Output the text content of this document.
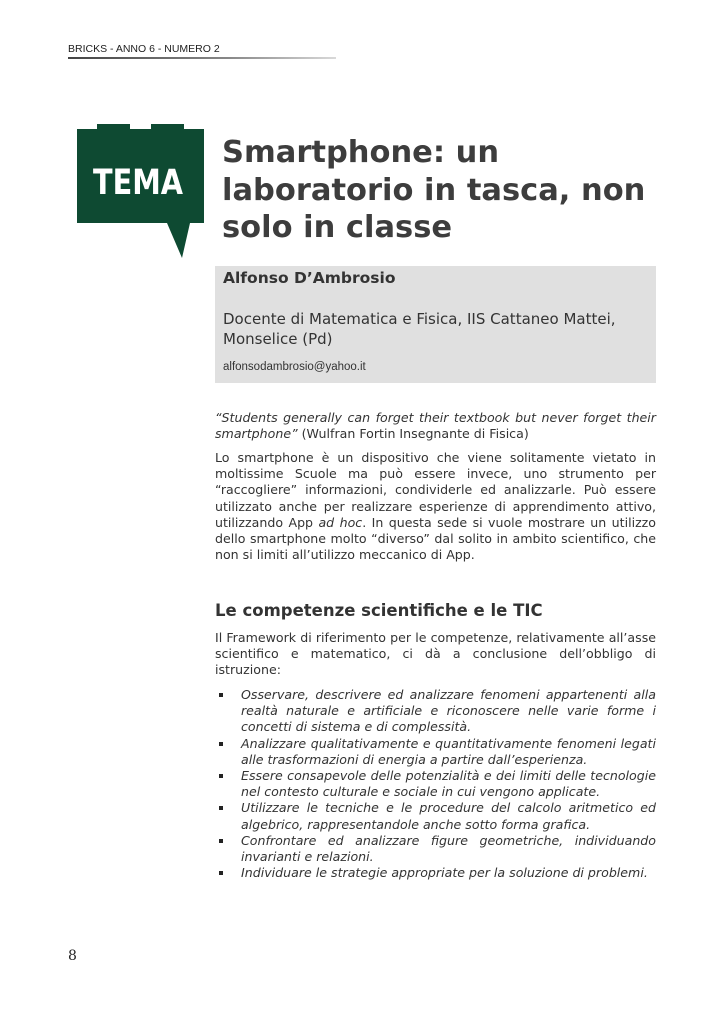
BRICKS - ANNO 6 - NUMERO 2
TEMA
Smartphone: un laboratorio in tasca, non solo in classe
Alfonso D’Ambrosio
Docente di Matematica e Fisica, IIS Cattaneo Mattei, Monselice (Pd)
alfonsodambrosio@yahoo.it

“Students generally can forget their textbook but never forget their smartphone” (Wulfran Fortin Insegnante di Fisica)

Lo smartphone è un dispositivo che viene solitamente vietato in moltissime Scuole ma può essere invece, uno strumento per “raccogliere” informazioni, condividerle ed analizzarle. Può essere utilizzato anche per realizzare esperienze di apprendimento attivo, utilizzando App ad hoc. In questa sede si vuole mostrare un utilizzo dello smartphone molto “diverso” dal solito in ambito scientifico, che non si limiti all’utilizzo meccanico di App.

Le competenze scientifiche e le TIC

Il Framework di riferimento per le competenze, relativamente all’asse scientifico e matematico, ci dà a conclusione dell’obbligo di istruzione:

Osservare, descrivere ed analizzare fenomeni appartenenti alla realtà naturale e artificiale e riconoscere nelle varie forme i concetti di sistema e di complessità.
Analizzare qualitativamente e quantitativamente fenomeni legati alle trasformazioni di energia a partire dall’esperienza.
Essere consapevole delle potenzialità e dei limiti delle tecnologie nel contesto culturale e sociale in cui vengono applicate.
Utilizzare le tecniche e le procedure del calcolo aritmetico ed algebrico, rappresentandole anche sotto forma grafica.
Confrontare ed analizzare figure geometriche, individuando invarianti e relazioni.
Individuare le strategie appropriate per la soluzione di problemi.
8
